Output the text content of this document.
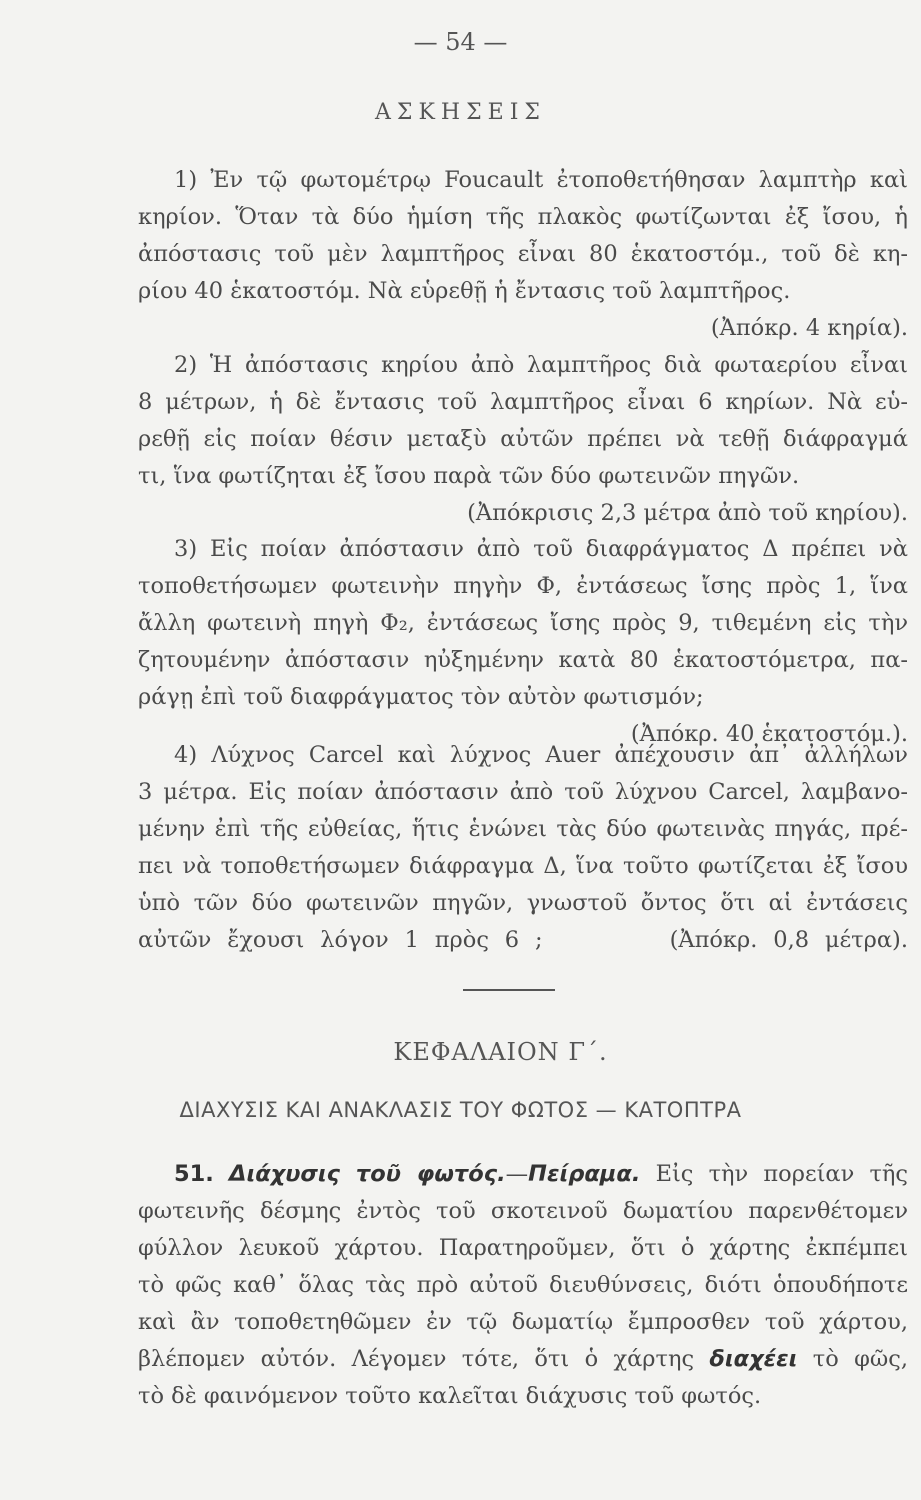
— 54 —
ΑΣΚΗΣΕΙΣ
1) Ἐν τῷ φωτομέτρῳ Foucault ἐτοποθετήθησαν λαμπτὴρ καὶ
κηρίον. Ὅταν τὰ δύο ἡμίση τῆς πλακὸς φωτίζωνται ἐξ ἴσου, ἡ
ἀπόστασις τοῦ μὲν λαμπτῆρος εἶναι 80 ἑκατοστόμ., τοῦ δὲ κη-
ρίου 40 ἑκατοστόμ. Νὰ εὑρεθῇ ἡ ἔντασις τοῦ λαμπτῆρος.
(Ἀπόκρ. 4 κηρία).
2) Ἡ ἀπόστασις κηρίου ἀπὸ λαμπτῆρος διὰ φωταερίου εἶναι
8 μέτρων, ἡ δὲ ἔντασις τοῦ λαμπτῆρος εἶναι 6 κηρίων. Νὰ εὑ-
ρεθῇ εἰς ποίαν θέσιν μεταξὺ αὐτῶν πρέπει νὰ τεθῇ διάφραγμά
τι, ἵνα φωτίζηται ἐξ ἴσου παρὰ τῶν δύο φωτεινῶν πηγῶν.
(Ἀπόκρισις 2,3 μέτρα ἀπὸ τοῦ κηρίου).
3) Εἰς ποίαν ἀπόστασιν ἀπὸ τοῦ διαφράγματος Δ πρέπει νὰ
τοποθετήσωμεν φωτεινὴν πηγὴν Φ, ἐντάσεως ἴσης πρὸς 1, ἵνα
ἄλλη φωτεινὴ πηγὴ Φ₂, ἐντάσεως ἴσης πρὸς 9, τιθεμένη εἰς τὴν
ζητουμένην ἀπόστασιν ηὐξημένην κατὰ 80 ἑκατοστόμετρα, πα-
ράγῃ ἐπὶ τοῦ διαφράγματος τὸν αὐτὸν φωτισμόν;
(Ἀπόκρ. 40 ἑκατοστόμ.).
4) Λύχνος Carcel καὶ λύχνος Auer ἀπέχουσιν ἀπ᾽ ἀλλήλων
3 μέτρα. Εἰς ποίαν ἀπόστασιν ἀπὸ τοῦ λύχνου Carcel, λαμβανο-
μένην ἐπὶ τῆς εὐθείας, ἥτις ἑνώνει τὰς δύο φωτεινὰς πηγάς, πρέ-
πει νὰ τοποθετήσωμεν διάφραγμα Δ, ἵνα τοῦτο φωτίζεται ἐξ ἴσου
ὑπὸ τῶν δύο φωτεινῶν πηγῶν, γνωστοῦ ὄντος ὅτι αἱ ἐντάσεις
αὐτῶν ἔχουσι λόγον 1 πρὸς 6 ;        (Ἀπόκρ. 0,8 μέτρα).
ΚΕΦΑΛΑΙΟΝ Γ΄.
ΔΙΑΧΥΣΙΣ ΚΑΙ ΑΝΑΚΛΑΣΙΣ ΤΟΥ ΦΩΤΟΣ — ΚΑΤΟΠΤΡΑ
51. Διάχυσις τοῦ φωτός.—Πείραμα. Εἰς τὴν πορείαν τῆς
φωτεινῆς δέσμης ἐντὸς τοῦ σκοτεινοῦ δωματίου παρενθέτομεν
φύλλον λευκοῦ χάρτου. Παρατηροῦμεν, ὅτι ὁ χάρτης ἐκπέμπει
τὸ φῶς καθ᾽ ὅλας τὰς πρὸ αὐτοῦ διευθύνσεις, διότι ὁπουδήποτε
καὶ ἂν τοποθετηθῶμεν ἐν τῷ δωματίῳ ἔμπροσθεν τοῦ χάρτου,
βλέπομεν αὐτόν. Λέγομεν τότε, ὅτι ὁ χάρτης διαχέει τὸ φῶς,
τὸ δὲ φαινόμενον τοῦτο καλεῖται διάχυσις τοῦ φωτός.
